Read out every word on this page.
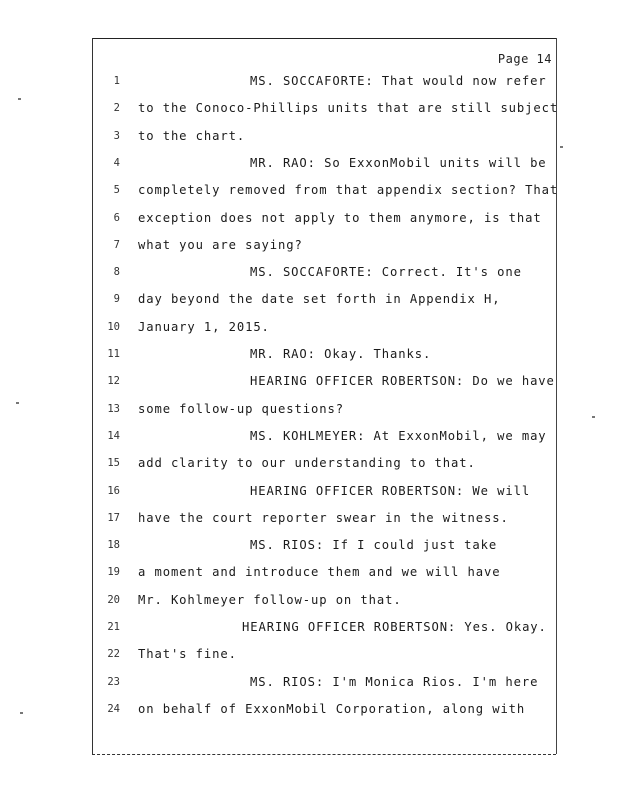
Page 14
1	MS. SOCCAFORTE: That would now refer
2 to the Conoco-Phillips units that are still subject
3 to the chart.
4	MR. RAO: So ExxonMobil units will be
5 completely removed from that appendix section? That
6 exception does not apply to them anymore, is that
7 what you are saying?
8	MS. SOCCAFORTE: Correct. It's one
9 day beyond the date set forth in Appendix H,
10 January 1, 2015.
11	MR. RAO: Okay. Thanks.
12	HEARING OFFICER ROBERTSON: Do we have
13 some follow-up questions?
14	MS. KOHLMEYER: At ExxonMobil, we may
15 add clarity to our understanding to that.
16	HEARING OFFICER ROBERTSON: We will
17 have the court reporter swear in the witness.
18	MS. RIOS: If I could just take
19 a moment and introduce them and we will have
20 Mr. Kohlmeyer follow-up on that.
21	HEARING OFFICER ROBERTSON: Yes. Okay.
22 That's fine.
23	MS. RIOS: I'm Monica Rios. I'm here
24 on behalf of ExxonMobil Corporation, along with
